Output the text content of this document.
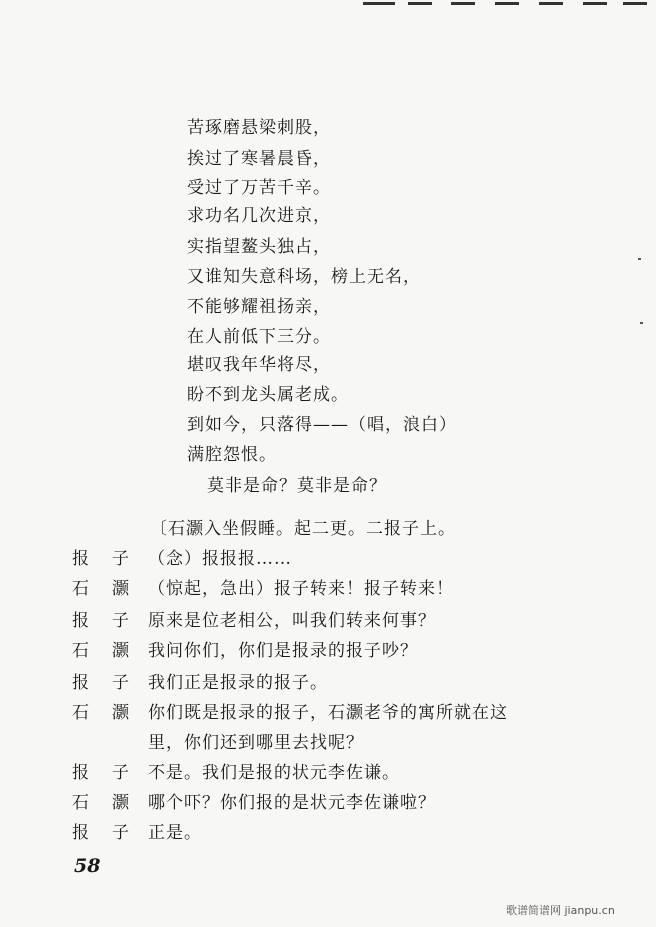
苦琢磨悬梁刺股，
挨过了寒暑晨昏，
受过了万苦千辛。
求功名几次进京，
实指望鳌头独占，
又谁知失意科场，榜上无名，
不能够耀祖扬亲，
在人前低下三分。
堪叹我年华将尽，
盼不到龙头属老成。
到如今，只落得——（唱，浪白）
满腔怨恨。
莫非是命？莫非是命？
〔石灏入坐假睡。起二更。二报子上。
报 子 （念）报报报……
石 灏 （惊起，急出）报子转来！报子转来！
报 子 原来是位老相公，叫我们转来何事？
石 灏 我问你们，你们是报录的报子吵？
报 子 我们正是报录的报子。
石 灏 你们既是报录的报子，石灏老爷的寓所就在这
里，你们还到哪里去找呢？
报 子 不是。我们是报的状元李佐谦。
石 灏 哪个吓？你们报的是状元李佐谦啦？
报 子 正是。
58
歌谱简谱网 jianpu.cn
